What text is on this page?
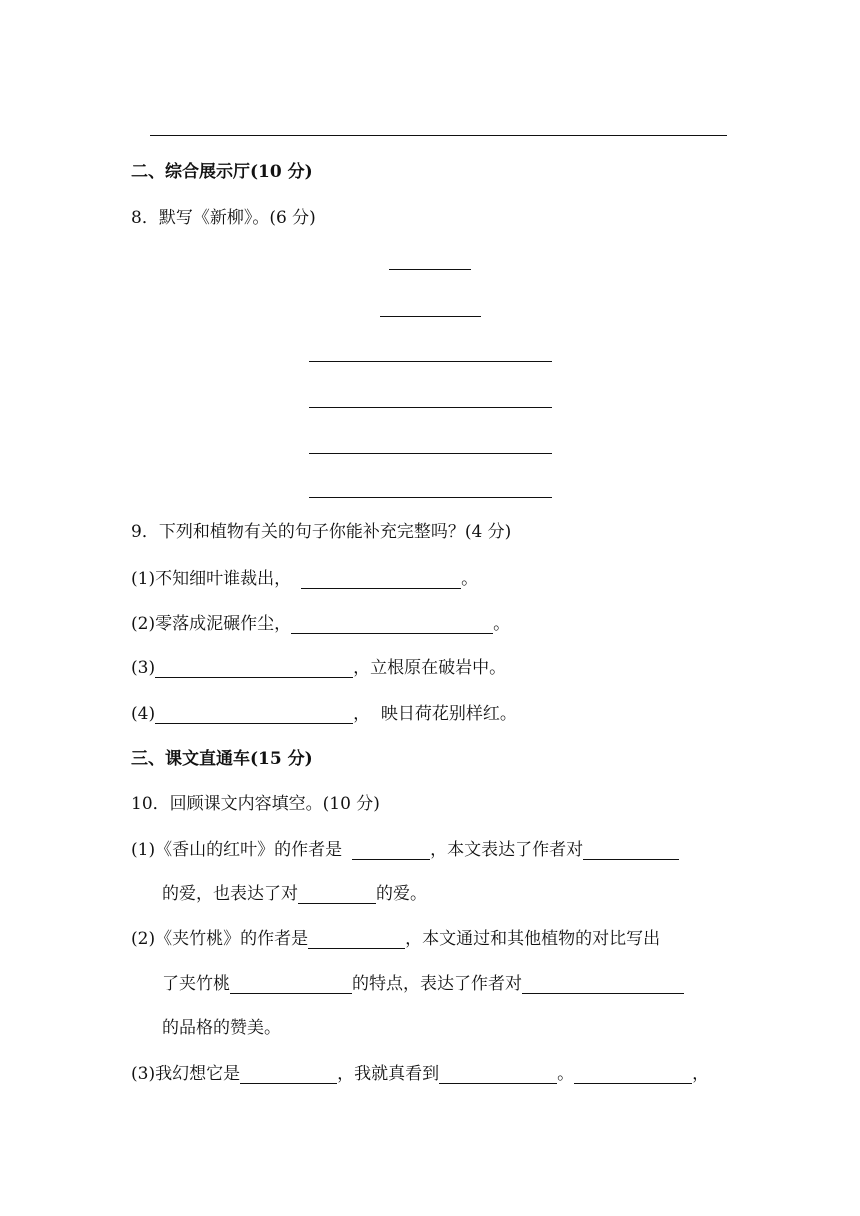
二、综合展示厅(10 分)
8．默写《新柳》。(6 分)
9．下列和植物有关的句子你能补充完整吗？(4 分)
(1)不知细叶谁裁出，	。
(2)零落成泥碾作尘，	。
(3)	，立根原在破岩中。
(4)	，  映日荷花别样红。
三、课文直通车(15 分)
10．回顾课文内容填空。(10 分)
(1)《香山的红叶》的作者是	，本文表达了作者对
的爱，也表达了对	的爱。
(2)《夹竹桃》的作者是	，本文通过和其他植物的对比写出
了夹竹桃	的特点，表达了作者对
的品格的赞美。
(3)我幻想它是	，我就真看到	。	，
